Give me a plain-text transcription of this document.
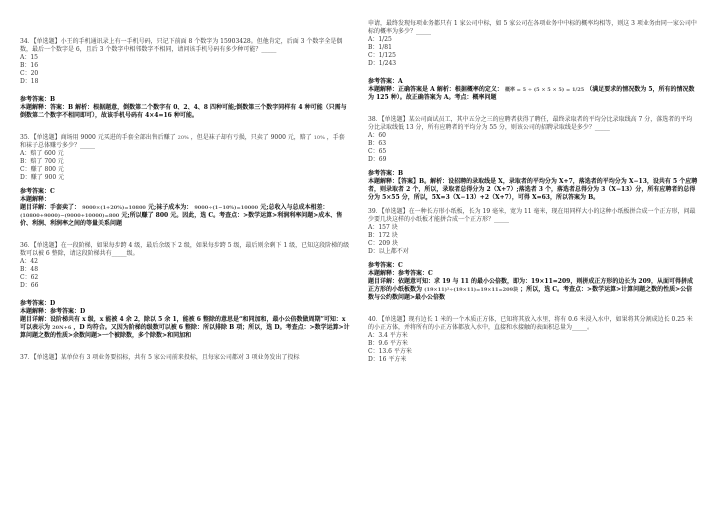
34．【单选题】小王的手机通讯录上有一手机号码，只记下前面 8 个数字为 15903428。但他肯定，后面 3 个数字全是偶数，最后一个数字是 6，且后 3 个数字中相邻数字不相同，请问该手机号码有多少种可能？_____

A：15

B：16

C：20

D：18

参考答案：B

本题解释：答案：B 解析：根据题意，倒数第二个数字有 0、2、4、8 四种可能;倒数第三个数字同样有 4 种可能（只需与倒数第二个数字不相同即可），故该手机号码有 4×4=16 种可能。

35．【单选题】商场用 9000 元买进的手套全部出售后赚了 20% ，但是袜子却有亏损，只卖了 9000 元，赔了 10% ，手套和袜子总体赚亏多少？_____

A：赔了 600 元

B：赔了 700 元

C：赚了 800 元

D：赚了 900 元

参考答案：C

本题解释：

题目详解：手套卖了： 9000×(1+20%)=10800 元;袜子成本为： 9000÷(1−10%)=10000 元;总收入与总成本相差： (10800+9000)−(9000+10000)=800 元;所以赚了 800 元。因此，选 C。考查点：>数学运算>利润利率问题>成本、售价、利润、利润率之间的等量关系问题

36．【单选题】在一段阶梯，如果每步跨 4 级，最后余级下 2 级，如果每步跨 5 级，最后则余剩下 1 级，已知这段阶梯的级数可以被 6 整除，请这段阶梯共有_____级。

A：42

B：48

C：62

D：66

参考答案：D

本题解释：参考答案：D

题目详解：设阶梯共有 x 级，x 能被 4 余 2，除以 5 余 1，能被 6 整除的意思是“和同加和，最小公倍数做周期”可知：x 可以表示为 20N+6 ，D 均符合。又因为阶梯的级数可以被 6 整除：所以排除 B 项；所以，选 D。考查点：>数学运算>计算问题之数的性质>余数问题>一个被除数，多个除数>和同加和

37．【单选题】某单位有 3 项业务要招标，共有 5 家公司前来投标，且每家公司都对 3 项业务发出了投标

申请，最终发现每项业务都只有 1 家公司中标，如 5 家公司在各项业务中中标的概率均相等，则这 3 项业务由同一家公司中标的概率为多少？_____

A：1/25

B：1/81

C：1/125

D：1/243

参考答案：A

本题解释：正确答案是 A 解析：根据概率的定义： 概率 = 5 ÷ (5 × 5 × 5) = 1/25 （满足要求的情况数为 5，所有的情况数为 125 种）。故正确答案为 A。考点：概率问题

38．【单选题】某公司面试员工，其中五分之三的应聘者获得了聘任，最终录取者的平均分比录取线高 7 分，落选者的平均分比录取线低 13 分，所有应聘者的平均分为 55 分，则该公司的招聘录取线是多少？_____

A：60

B：63

C：65

D：69

参考答案：B

本题解释：【答案】B。解析：设招聘的录取线是 X，录取者的平均分为 X+7，落选者的平均分为 X−13，设共有 5 个应聘者，则录取者 2 个，所以，录取者总得分为 2（X+7）;落选者 3 个，落选者总得分为 3（X−13）分，所有应聘者的总得分为 5×55 分，所以，5X=3（X−13）+2（X+7），可得 X=63，所以答案为 B。

39．【单选题】在一种长方形小纸板，长为 19 毫米，宽为 11 毫米，现在用同样大小的这种小纸板拼合成一个正方形，问最少要几块这样的小纸板才能拼合成一个正方形？_____

A：157 块

B：172 块

C：209 块

D：以上都不对

参考答案：C

本题解释：参考答案：C

题目详解：依题意可知：求 19 与 11 的最小公倍数，即为：19×11=209，则拼成正方形的边长为 209，从面可得拼成正方形的小纸板数为 (19×11)²÷(19×11)=19×11=209块 ；所以，选 C。考查点：>数学运算>计算问题之数的性质>公倍数与公约数问题>最小公倍数

40．【单选题】现有边长 1 米的一个木质正方体，已知将其放入水里，将有 0.6 米浸入水中，如果将其分割成边长 0.25 米的小正方体，并将所有的小正方体都放入水中，直接和水接触的表面积总量为_____。

A：3.4 平方米

B：9.6 平方米

C：13.6 平方米

D：16 平方米
